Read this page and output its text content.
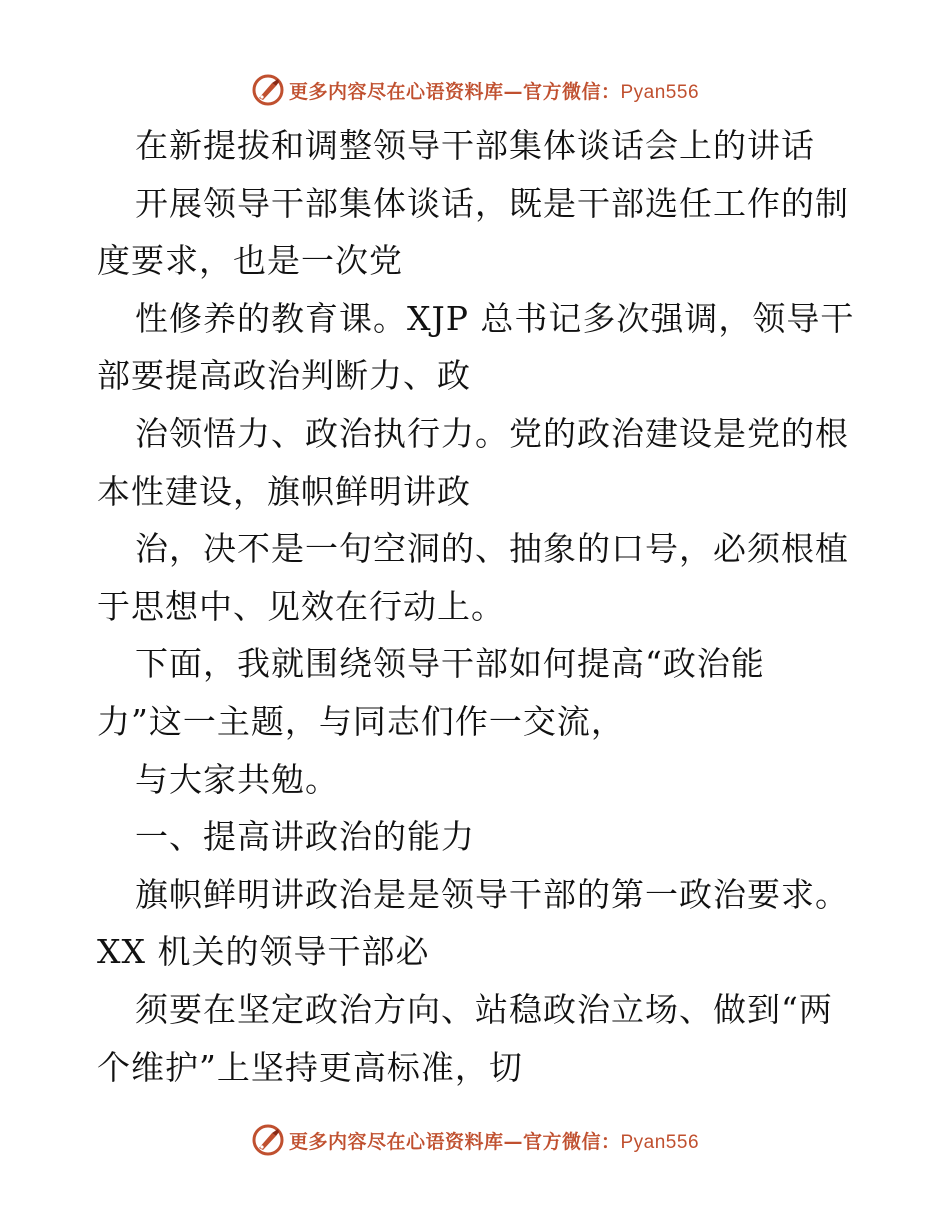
更多内容尽在心语资料库—官方微信：Pyan556
在新提拔和调整领导干部集体谈话会上的讲话
开展领导干部集体谈话，既是干部选任工作的制
度要求，也是一次党
性修养的教育课。XJP 总书记多次强调，领导干
部要提高政治判断力、政
治领悟力、政治执行力。党的政治建设是党的根
本性建设，旗帜鲜明讲政
治，决不是一句空洞的、抽象的口号，必须根植
于思想中、见效在行动上。
下面，我就围绕领导干部如何提高“政治能
力”这一主题，与同志们作一交流，
与大家共勉。
一、提高讲政治的能力
旗帜鲜明讲政治是是领导干部的第一政治要求。
XX 机关的领导干部必
须要在坚定政治方向、站稳政治立场、做到“两
个维护”上坚持更高标准，切
更多内容尽在心语资料库—官方微信：Pyan556
